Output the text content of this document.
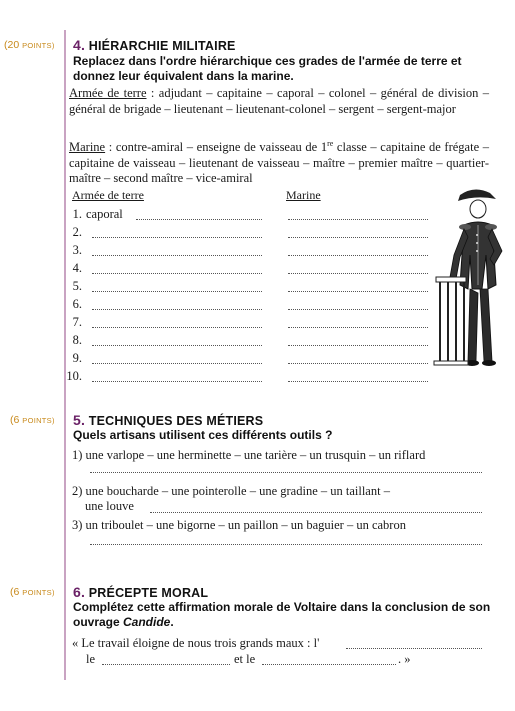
(20 POINTS) 4. HIÉRARCHIE MILITAIRE
Replacez dans l'ordre hiérarchique ces grades de l'armée de terre et donnez leur équivalent dans la marine.
Armée de terre : adjudant – capitaine – caporal – colonel – général de division – général de brigade – lieutenant – lieutenant-colonel – sergent – sergent-major
Marine : contre-amiral – enseigne de vaisseau de 1re classe – capitaine de frégate – capitaine de vaisseau – lieutenant de vaisseau – maître – premier maître – quartier-maître – second maître – vice-amiral
Armée de terre	Marine
1. caporal
2.
3.
4.
5.
6.
7.
8.
9.
10.
(6 POINTS) 5. TECHNIQUES DES MÉTIERS
Quels artisans utilisent ces différents outils ?
1) une varlope – une herminette – une tarière – un trusquin – un riflard
2) une boucharde – une pointerolle – une gradine – un taillant –
une louve
3) un triboulet – une bigorne – un paillon – un baguier – un cabron
(6 POINTS) 6. PRÉCEPTE MORAL
Complétez cette affirmation morale de Voltaire dans la conclusion de son ouvrage Candide.
« Le travail éloigne de nous trois grands maux : l'
le	et le	. »
